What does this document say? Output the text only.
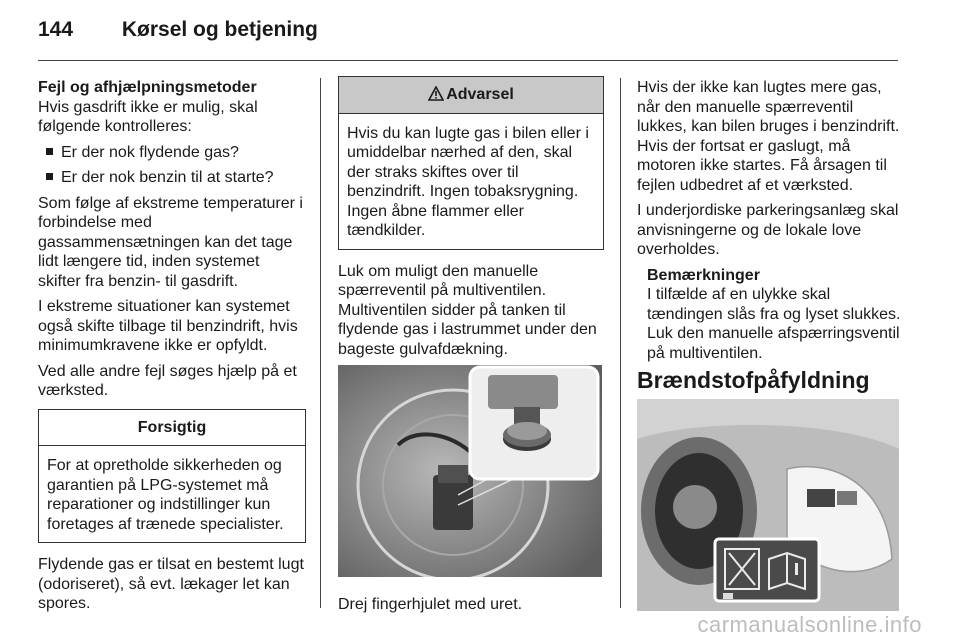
144 Kørsel og betjening

Fejl og afhjælpningsmetoder

Hvis gasdrift ikke er mulig, skal følgende kontrolleres:

Er der nok flydende gas?

Er der nok benzin til at starte?

Som følge af ekstreme temperaturer i forbindelse med gassammensætningen kan det tage lidt længere tid, inden systemet skifter fra benzin- til gasdrift.

I ekstreme situationer kan systemet også skifte tilbage til benzindrift, hvis minimumkravene ikke er opfyldt.

Ved alle andre fejl søges hjælp på et værksted.

Forsigtig
For at opretholde sikkerheden og garantien på LPG-systemet må reparationer og indstillinger kun foretages af trænede specialister.

Flydende gas er tilsat en bestemt lugt (odoriseret), så evt. lækager let kan spores.

Advarsel
Hvis du kan lugte gas i bilen eller i umiddelbar nærhed af den, skal der straks skiftes over til benzindrift. Ingen tobaksrygning. Ingen åbne flammer eller tændkilder.

Luk om muligt den manuelle spærreventil på multiventilen. Multiventilen sidder på tanken til flydende gas i lastrummet under den bageste gulvafdækning.

Drej fingerhjulet med uret.

Hvis der ikke kan lugtes mere gas, når den manuelle spærreventil lukkes, kan bilen bruges i benzindrift. Hvis der fortsat er gaslugt, må motoren ikke startes. Få årsagen til fejlen udbedret af et værksted.

I underjordiske parkeringsanlæg skal anvisningerne og de lokale love overholdes.

Bemærkninger

I tilfælde af en ulykke skal tændingen slås fra og lyset slukkes. Luk den manuelle afspærringsventil på multiventilen.

Brændstofpåfyldning
carmanualsonline.info
